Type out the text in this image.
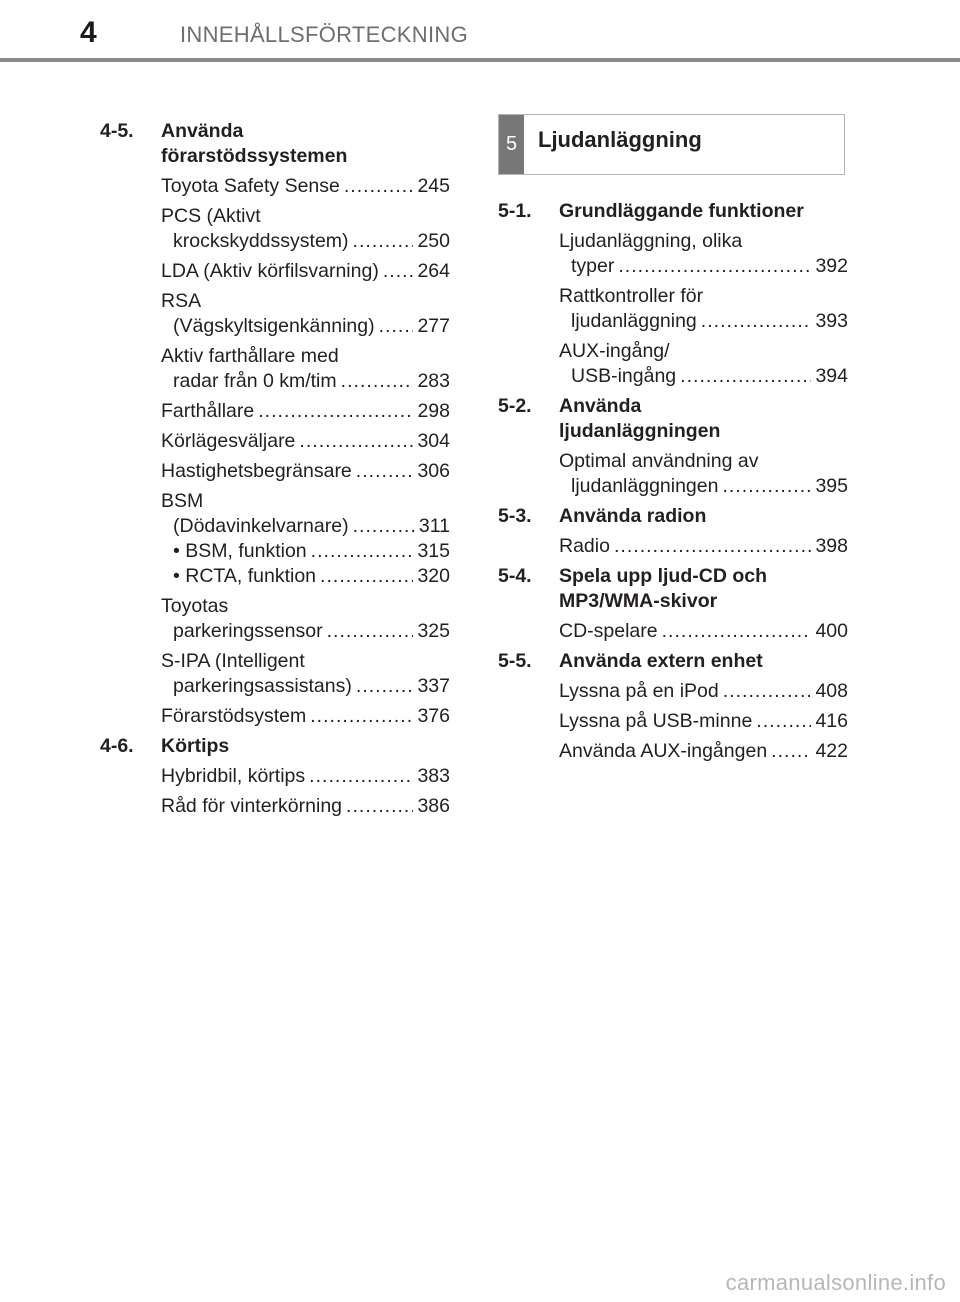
4	INNEHÅLLSFÖRTECKNING
4-5. Använda
förarstödssystemen
Toyota Safety Sense . . .	245
PCS (Aktivt
krockskyddssystem) . . .	250
LDA (Aktiv körfilsvarning) . . . 264
RSA
(Vägskyltsigenkänning) . . . 277
Aktiv farthållare med
radar från 0 km/tim . . .	283
Farthållare . . .	298
Körlägesväljare . . .	304
Hastighetsbegränsare . . .	306
BSM
(Dödavinkelvarnare) . . .	311
• BSM, funktion . . .	315
• RCTA, funktion . . .	320
Toyotas
parkeringssensor . . .	325
S-IPA (Intelligent
parkeringsassistans) . . .	337
Förarstödsystem . . .	376
4-6. Körtips
Hybridbil, körtips . . .	383
Råd för vinterkörning . . .	386
5 Ljudanläggning
5-1. Grundläggande funktioner
Ljudanläggning, olika
typer . . .	392
Rattkontroller för
ljudanläggning . . .	393
AUX-ingång/
USB-ingång . . .	394
5-2. Använda
ljudanläggningen
Optimal användning av
ljudanläggningen . . .	395
5-3. Använda radion
Radio . . .	398
5-4. Spela upp ljud-CD och
MP3/WMA-skivor
CD-spelare . . .	400
5-5. Använda extern enhet
Lyssna på en iPod . . .	408
Lyssna på USB-minne . . .	416
Använda AUX-ingången . . . 422
carmanualsonline.info
